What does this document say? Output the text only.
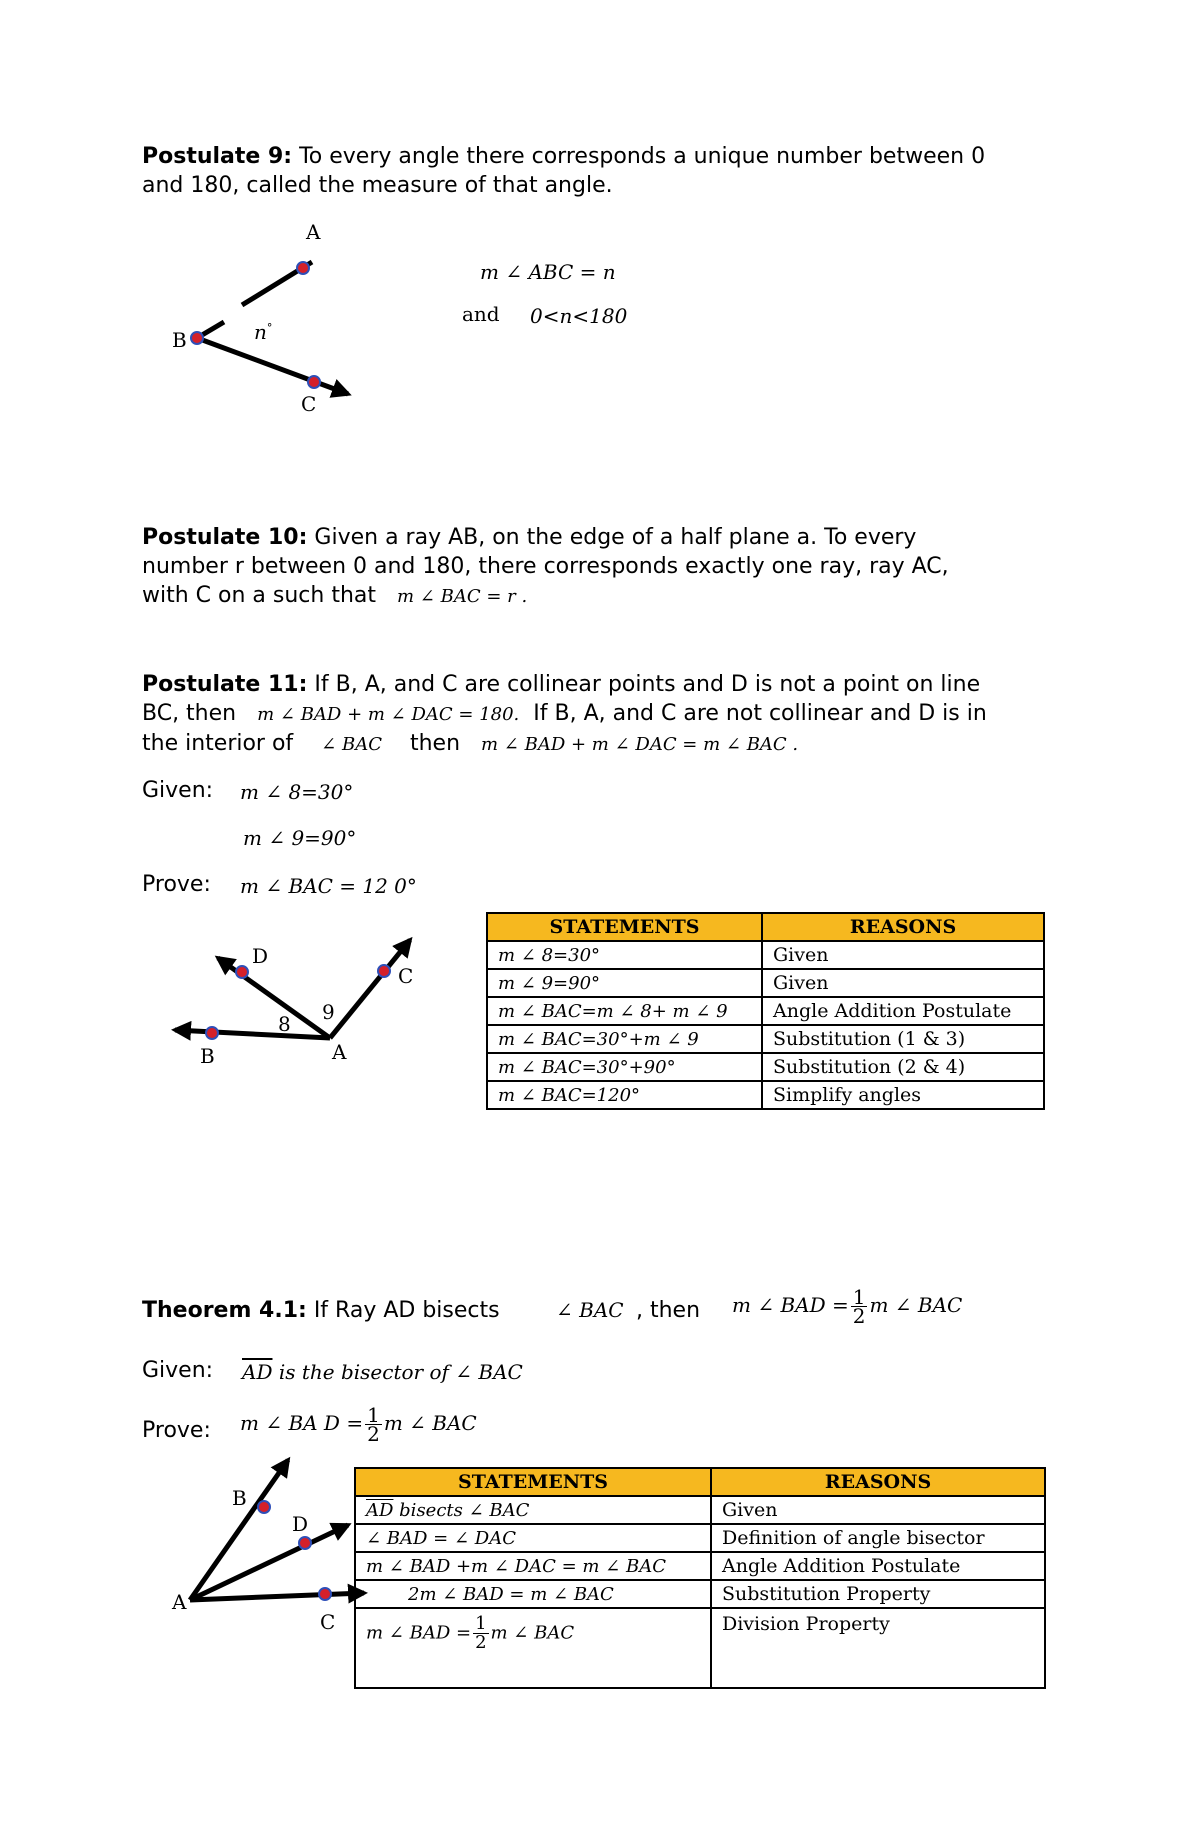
Postulate 9: To every angle there corresponds a unique number between 0
and 180, called the measure of that angle.
A
B
C
n°
m ∠ ABC = n
and 0<n<180
Postulate 10: Given a ray AB, on the edge of a half plane a. To every
number r between 0 and 180, there corresponds exactly one ray, ray AC,
with C on a such that m ∠ BAC = r .
Postulate 11: If B, A, and C are collinear points and D is not a point on line
BC, then m ∠ BAD + m ∠ DAC = 180. If B, A, and C are not collinear and D is in
the interior of ∠ BAC then m ∠ BAD + m ∠ DAC = m ∠ BAC .
Given: m ∠ 8=30°
m ∠ 9=90°
Prove: m ∠ BAC = 12 0°
D
C
B	A
8 9
STATEMENTS	REASONS
m ∠ 8=30°	Given
m ∠ 9=90°	Given
m ∠ BAC=m ∠ 8+ m ∠ 9	Angle Addition Postulate
m ∠ BAC=30°+m ∠ 9	Substitution (1 & 3)
m ∠ BAC=30°+90°	Substitution (2 & 4)
m ∠ BAC=120°	Simplify angles
Theorem 4.1: If Ray AD bisects	∠ BAC , then m ∠ BAD = $\frac{1}{2}$ m ∠ BAC
Given: $\overline{AD}$ is the bisector of ∠ BAC
Prove: m ∠ BA $D = \frac{1}{2}$ m ∠ BAC
B
D
A
C
STATEMENTS	REASONS
$\overline{AD}$ bisects ∠ BAC	Given
∠ BAD = ∠ DAC	Definition of angle bisector
m ∠ BAD +m ∠ DAC = m ∠ BAC	Angle Addition Postulate
2m ∠ BAD = m ∠ BAC	Substitution Property
m ∠ BAD = $\frac{1}{2}$ m ∠ BAC	Division Property
